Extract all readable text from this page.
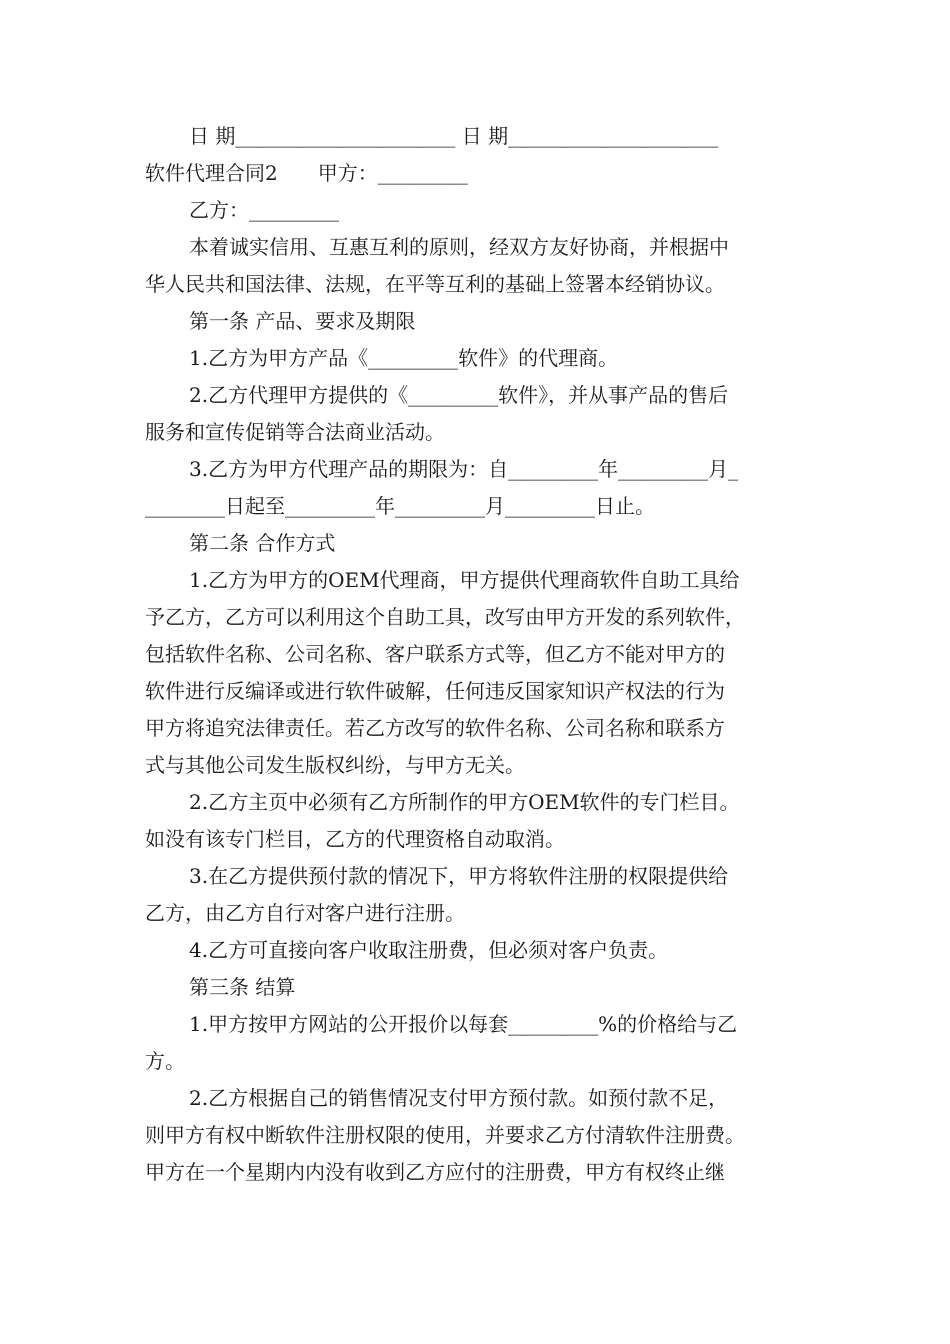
日 期______________________ 日 期_____________________
软件代理合同2　　甲方：_________
乙方：_________
本着诚实信用、互惠互利的原则，经双方友好协商，并根据中
华人民共和国法律、法规，在平等互利的基础上签署本经销协议。
第一条 产品、要求及期限
1.乙方为甲方产品《_________软件》的代理商。
2.乙方代理甲方提供的《_________软件》，并从事产品的售后
服务和宣传促销等合法商业活动。
3.乙方为甲方代理产品的期限为：自_________年_________月_
________日起至_________年_________月_________日止。
第二条 合作方式
1.乙方为甲方的OEM代理商，甲方提供代理商软件自助工具给
予乙方，乙方可以利用这个自助工具，改写由甲方开发的系列软件，
包括软件名称、公司名称、客户联系方式等，但乙方不能对甲方的
软件进行反编译或进行软件破解，任何违反国家知识产权法的行为
甲方将追究法律责任。若乙方改写的软件名称、公司名称和联系方
式与其他公司发生版权纠纷，与甲方无关。
2.乙方主页中必须有乙方所制作的甲方OEM软件的专门栏目。
如没有该专门栏目，乙方的代理资格自动取消。
3.在乙方提供预付款的情况下，甲方将软件注册的权限提供给
乙方，由乙方自行对客户进行注册。
4.乙方可直接向客户收取注册费，但必须对客户负责。
第三条 结算
1.甲方按甲方网站的公开报价以每套_________%的价格给与乙
方。
2.乙方根据自己的销售情况支付甲方预付款。如预付款不足，
则甲方有权中断软件注册权限的使用，并要求乙方付清软件注册费。
甲方在一个星期内内没有收到乙方应付的注册费，甲方有权终止继
